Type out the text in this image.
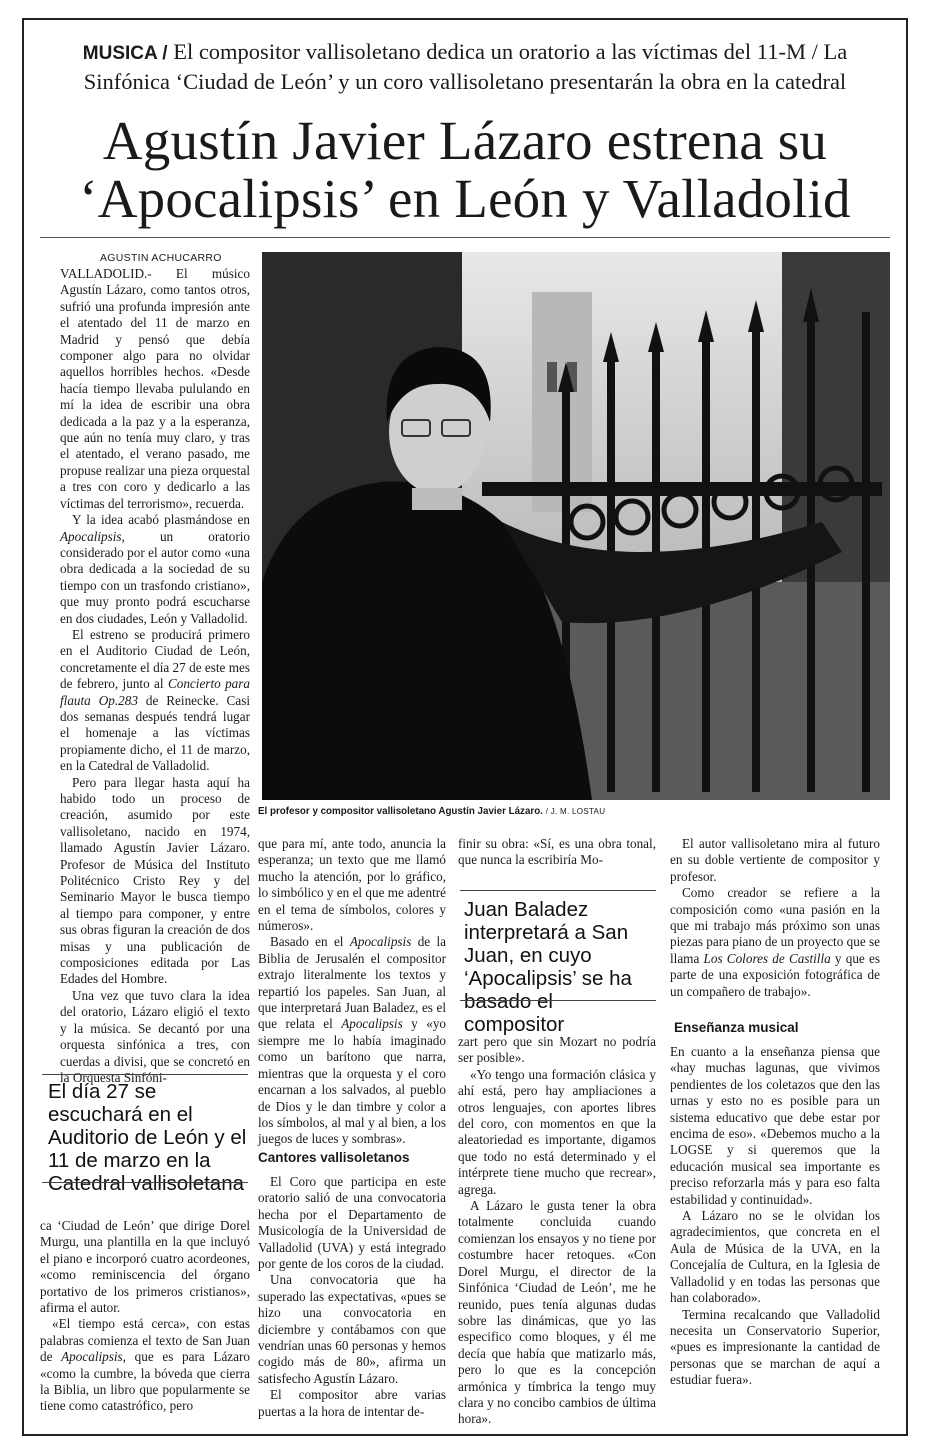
MUSICA / El compositor vallisoletano dedica un oratorio a las víctimas del 11-M / La Sinfónica ‘Ciudad de León’ y un coro vallisoletano presentarán la obra en la catedral
Agustín Javier Lázaro estrena su
‘Apocalipsis’ en León y Valladolid
AGUSTIN ACHUCARRO

VALLADOLID.- El músico Agustín Lázaro, como tantos otros, sufrió una profunda impresión ante el atentado del 11 de marzo en Madrid y pensó que debía componer algo para no olvidar aquellos horribles hechos. «Desde hacía tiempo llevaba pululando en mí la idea de escribir una obra dedicada a la paz y a la esperanza, que aún no tenía muy claro, y tras el atentado, el verano pasado, me propuse realizar una pieza orquestal a tres con coro y dedicarlo a las víctimas del terrorismo», recuerda.

Y la idea acabó plasmándose en Apocalipsis, un oratorio considerado por el autor como «una obra dedicada a la sociedad de su tiempo con un trasfondo cristiano», que muy pronto podrá escucharse en dos ciudades, León y Valladolid.

El estreno se producirá primero en el Auditorio Ciudad de León, concretamente el día 27 de este mes de febrero, junto al Concierto para flauta Op.283 de Reinecke. Casi dos semanas después tendrá lugar el homenaje a las víctimas propiamente dicho, el 11 de marzo, en la Catedral de Valladolid.

Pero para llegar hasta aquí ha habido todo un proceso de creación, asumido por este vallisoletano, nacido en 1974, llamado Agustín Javier Lázaro. Profesor de Música del Instituto Politécnico Cristo Rey y del Seminario Mayor le busca tiempo al tiempo para componer, y entre sus obras figuran la creación de dos misas y una publicación de composiciones editada por Las Edades del Hombre.

Una vez que tuvo clara la idea del oratorio, Lázaro eligió el texto y la música. Se decantó por una orquesta sinfónica a tres, con cuerdas a divisi, que se concretó en la Orquesta Sinfóni-

El profesor y compositor vallisoletano Agustín Javier Lázaro. / J. M. LOSTAU
El día 27 se escuchará en el Auditorio de León y el 11 de marzo en la Catedral vallisoletana

ca ‘Ciudad de León’ que dirige Dorel Murgu, una plantilla en la que incluyó el piano e incorporó cuatro acordeones, «como reminiscencia del órgano portativo de los primeros cristianos», afirma el autor.

«El tiempo está cerca», con estas palabras comienza el texto de San Juan de Apocalipsis, que es para Lázaro «como la cumbre, la bóveda que cierra la Biblia, un libro que popularmente se tiene como catastrófico, pero

que para mí, ante todo, anuncia la esperanza; un texto que me llamó mucho la atención, por lo gráfico, lo simbólico y en el que me adentré en el tema de símbolos, colores y números».

Basado en el Apocalipsis de la Biblia de Jerusalén el compositor extrajo literalmente los textos y repartió los papeles. San Juan, al que interpretará Juan Baladez, es el que relata el Apocalipsis y «yo siempre me lo había imaginado como un barítono que narra, mientras que la orquesta y el coro encarnan a los salvados, al pueblo de Dios y le dan timbre y color a los símbolos, al mal y al bien, a los juegos de luces y sombras».

Cantores vallisoletanos

El Coro que participa en este oratorio salió de una convocatoria hecha por el Departamento de Musicología de la Universidad de Valladolid (UVA) y está integrado por gente de los coros de la ciudad.

Una convocatoria que ha superado las expectativas, «pues se hizo una convocatoria en diciembre y contábamos con que vendrían unas 60 personas y hemos cogido más de 80», afirma un satisfecho Agustín Lázaro.

El compositor abre varias puertas a la hora de intentar de-

finir su obra: «Sí, es una obra tonal, que nunca la escribiría Mo-

Juan Baladez interpretará a San Juan, en cuyo ‘Apocalipsis’ se ha basado el compositor

zart pero que sin Mozart no podría ser posible».

«Yo tengo una formación clásica y ahí está, pero hay ampliaciones a otros lenguajes, con aportes libres del coro, con momentos en que la aleatoriedad es importante, digamos que todo no está determinado y el intérprete tiene mucho que recrear», agrega.

A Lázaro le gusta tener la obra totalmente concluida cuando comienzan los ensayos y no tiene por costumbre hacer retoques. «Con Dorel Murgu, el director de la Sinfónica ‘Ciudad de León’, me he reunido, pues tenía algunas dudas sobre las dinámicas, que yo las especifico como bloques, y él me decía que había que matizarlo más, pero lo que es la concepción armónica y tímbrica la tengo muy clara y no concibo cambios de última hora».

El autor vallisoletano mira al futuro en su doble vertiente de compositor y profesor.

Como creador se refiere a la composición como «una pasión en la que mi trabajo más próximo son unas piezas para piano de un proyecto que se llama Los Colores de Castilla y que es parte de una exposición fotográfica de un compañero de trabajo».

Enseñanza musical

En cuanto a la enseñanza piensa que «hay muchas lagunas, que vivimos pendientes de los coletazos que den las urnas y esto no es posible para un sistema educativo que debe estar por encima de eso». «Debemos mucho a la LOGSE y si queremos que la educación musical sea importante es preciso reforzarla más y para eso falta estabilidad y continuidad».

A Lázaro no se le olvidan los agradecimientos, que concreta en el Aula de Música de la UVA, en la Concejalía de Cultura, en la Iglesia de Valladolid y en todas las personas que han colaborado».

Termina recalcando que Valladolid necesita un Conservatorio Superior, «pues es impresionante la cantidad de personas que se marchan de aquí a estudiar fuera».
